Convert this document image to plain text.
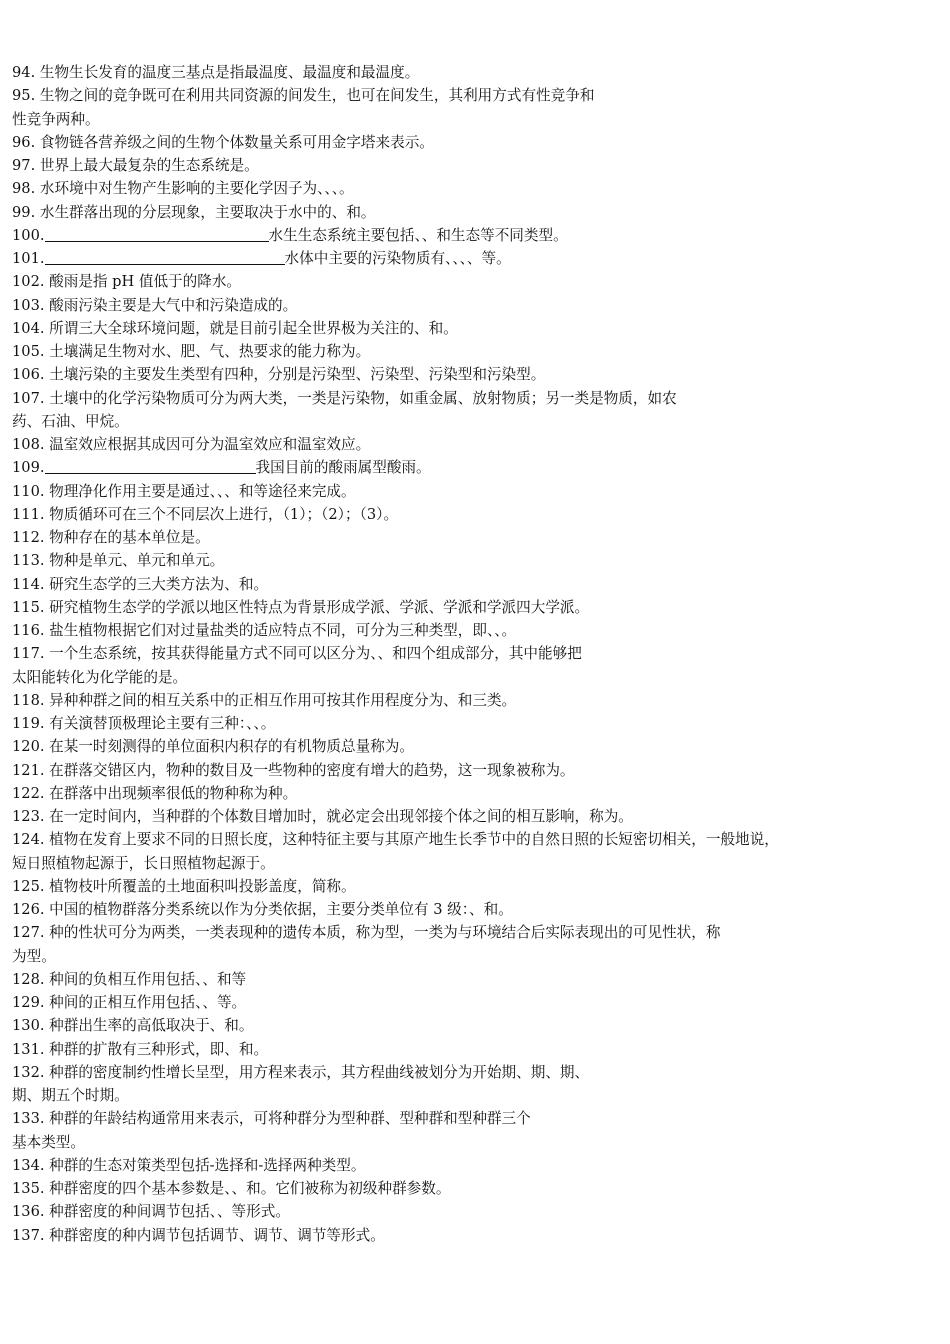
94. 生物生长发育的温度三基点是指最温度、最温度和最温度。
95. 生物之间的竞争既可在利用共同资源的间发生，也可在间发生，其利用方式有性竞争和
性竞争两种。
96. 食物链各营养级之间的生物个体数量关系可用金字塔来表示。
97. 世界上最大最复杂的生态系统是。
98. 水环境中对生物产生影响的主要化学因子为、、、。
99. 水生群落出现的分层现象，主要取决于水中的、和。
100.	水生生态系统主要包括、、和生态等不同类型。
101.	水体中主要的污染物质有、、、、等。
102. 酸雨是指 pH 值低于的降水。
103. 酸雨污染主要是大气中和污染造成的。
104. 所谓三大全球环境问题，就是目前引起全世界极为关注的、和。
105. 土壤满足生物对水、肥、气、热要求的能力称为。
106. 土壤污染的主要发生类型有四种，分别是污染型、污染型、污染型和污染型。
107. 土壤中的化学污染物质可分为两大类，一类是污染物，如重金属、放射物质；另一类是物质，如农
药、石油、甲烷。
108. 温室效应根据其成因可分为温室效应和温室效应。
109.	我国目前的酸雨属型酸雨。
110. 物理净化作用主要是通过、、、和等途径来完成。
111. 物质循环可在三个不同层次上进行，（1）；（2）；（3）。
112. 物种存在的基本单位是。
113. 物种是单元、单元和单元。
114. 研究生态学的三大类方法为、和。
115. 研究植物生态学的学派以地区性特点为背景形成学派、学派、学派和学派四大学派。
116. 盐生植物根据它们对过量盐类的适应特点不同，可分为三种类型，即、、。
117. 一个生态系统，按其获得能量方式不同可以区分为、、和四个组成部分，其中能够把
太阳能转化为化学能的是。
118. 异种种群之间的相互关系中的正相互作用可按其作用程度分为、和三类。
119. 有关演替顶极理论主要有三种：、、。
120. 在某一时刻测得的单位面积内积存的有机物质总量称为。
121. 在群落交错区内，物种的数目及一些物种的密度有增大的趋势，这一现象被称为。
122. 在群落中出现频率很低的物种称为种。
123. 在一定时间内，当种群的个体数目增加时，就必定会出现邻接个体之间的相互影响，称为。
124. 植物在发育上要求不同的日照长度，这种特征主要与其原产地生长季节中的自然日照的长短密切相关，一般地说，
短日照植物起源于，长日照植物起源于。
125. 植物枝叶所覆盖的土地面积叫投影盖度，简称。
126. 中国的植物群落分类系统以作为分类依据，主要分类单位有 3 级：、和。
127. 种的性状可分为两类，一类表现种的遗传本质，称为型，一类为与环境结合后实际表现出的可见性状，称
为型。
128. 种间的负相互作用包括、、和等
129. 种间的正相互作用包括、、等。
130. 种群出生率的高低取决于、和。
131. 种群的扩散有三种形式，即、和。
132. 种群的密度制约性增长呈型，用方程来表示，其方程曲线被划分为开始期、期、期、
期、期五个时期。
133. 种群的年龄结构通常用来表示，可将种群分为型种群、型种群和型种群三个
基本类型。
134. 种群的生态对策类型包括-选择和-选择两种类型。
135. 种群密度的四个基本参数是、、和。它们被称为初级种群参数。
136. 种群密度的种间调节包括、、等形式。
137. 种群密度的种内调节包括调节、调节、调节等形式。
